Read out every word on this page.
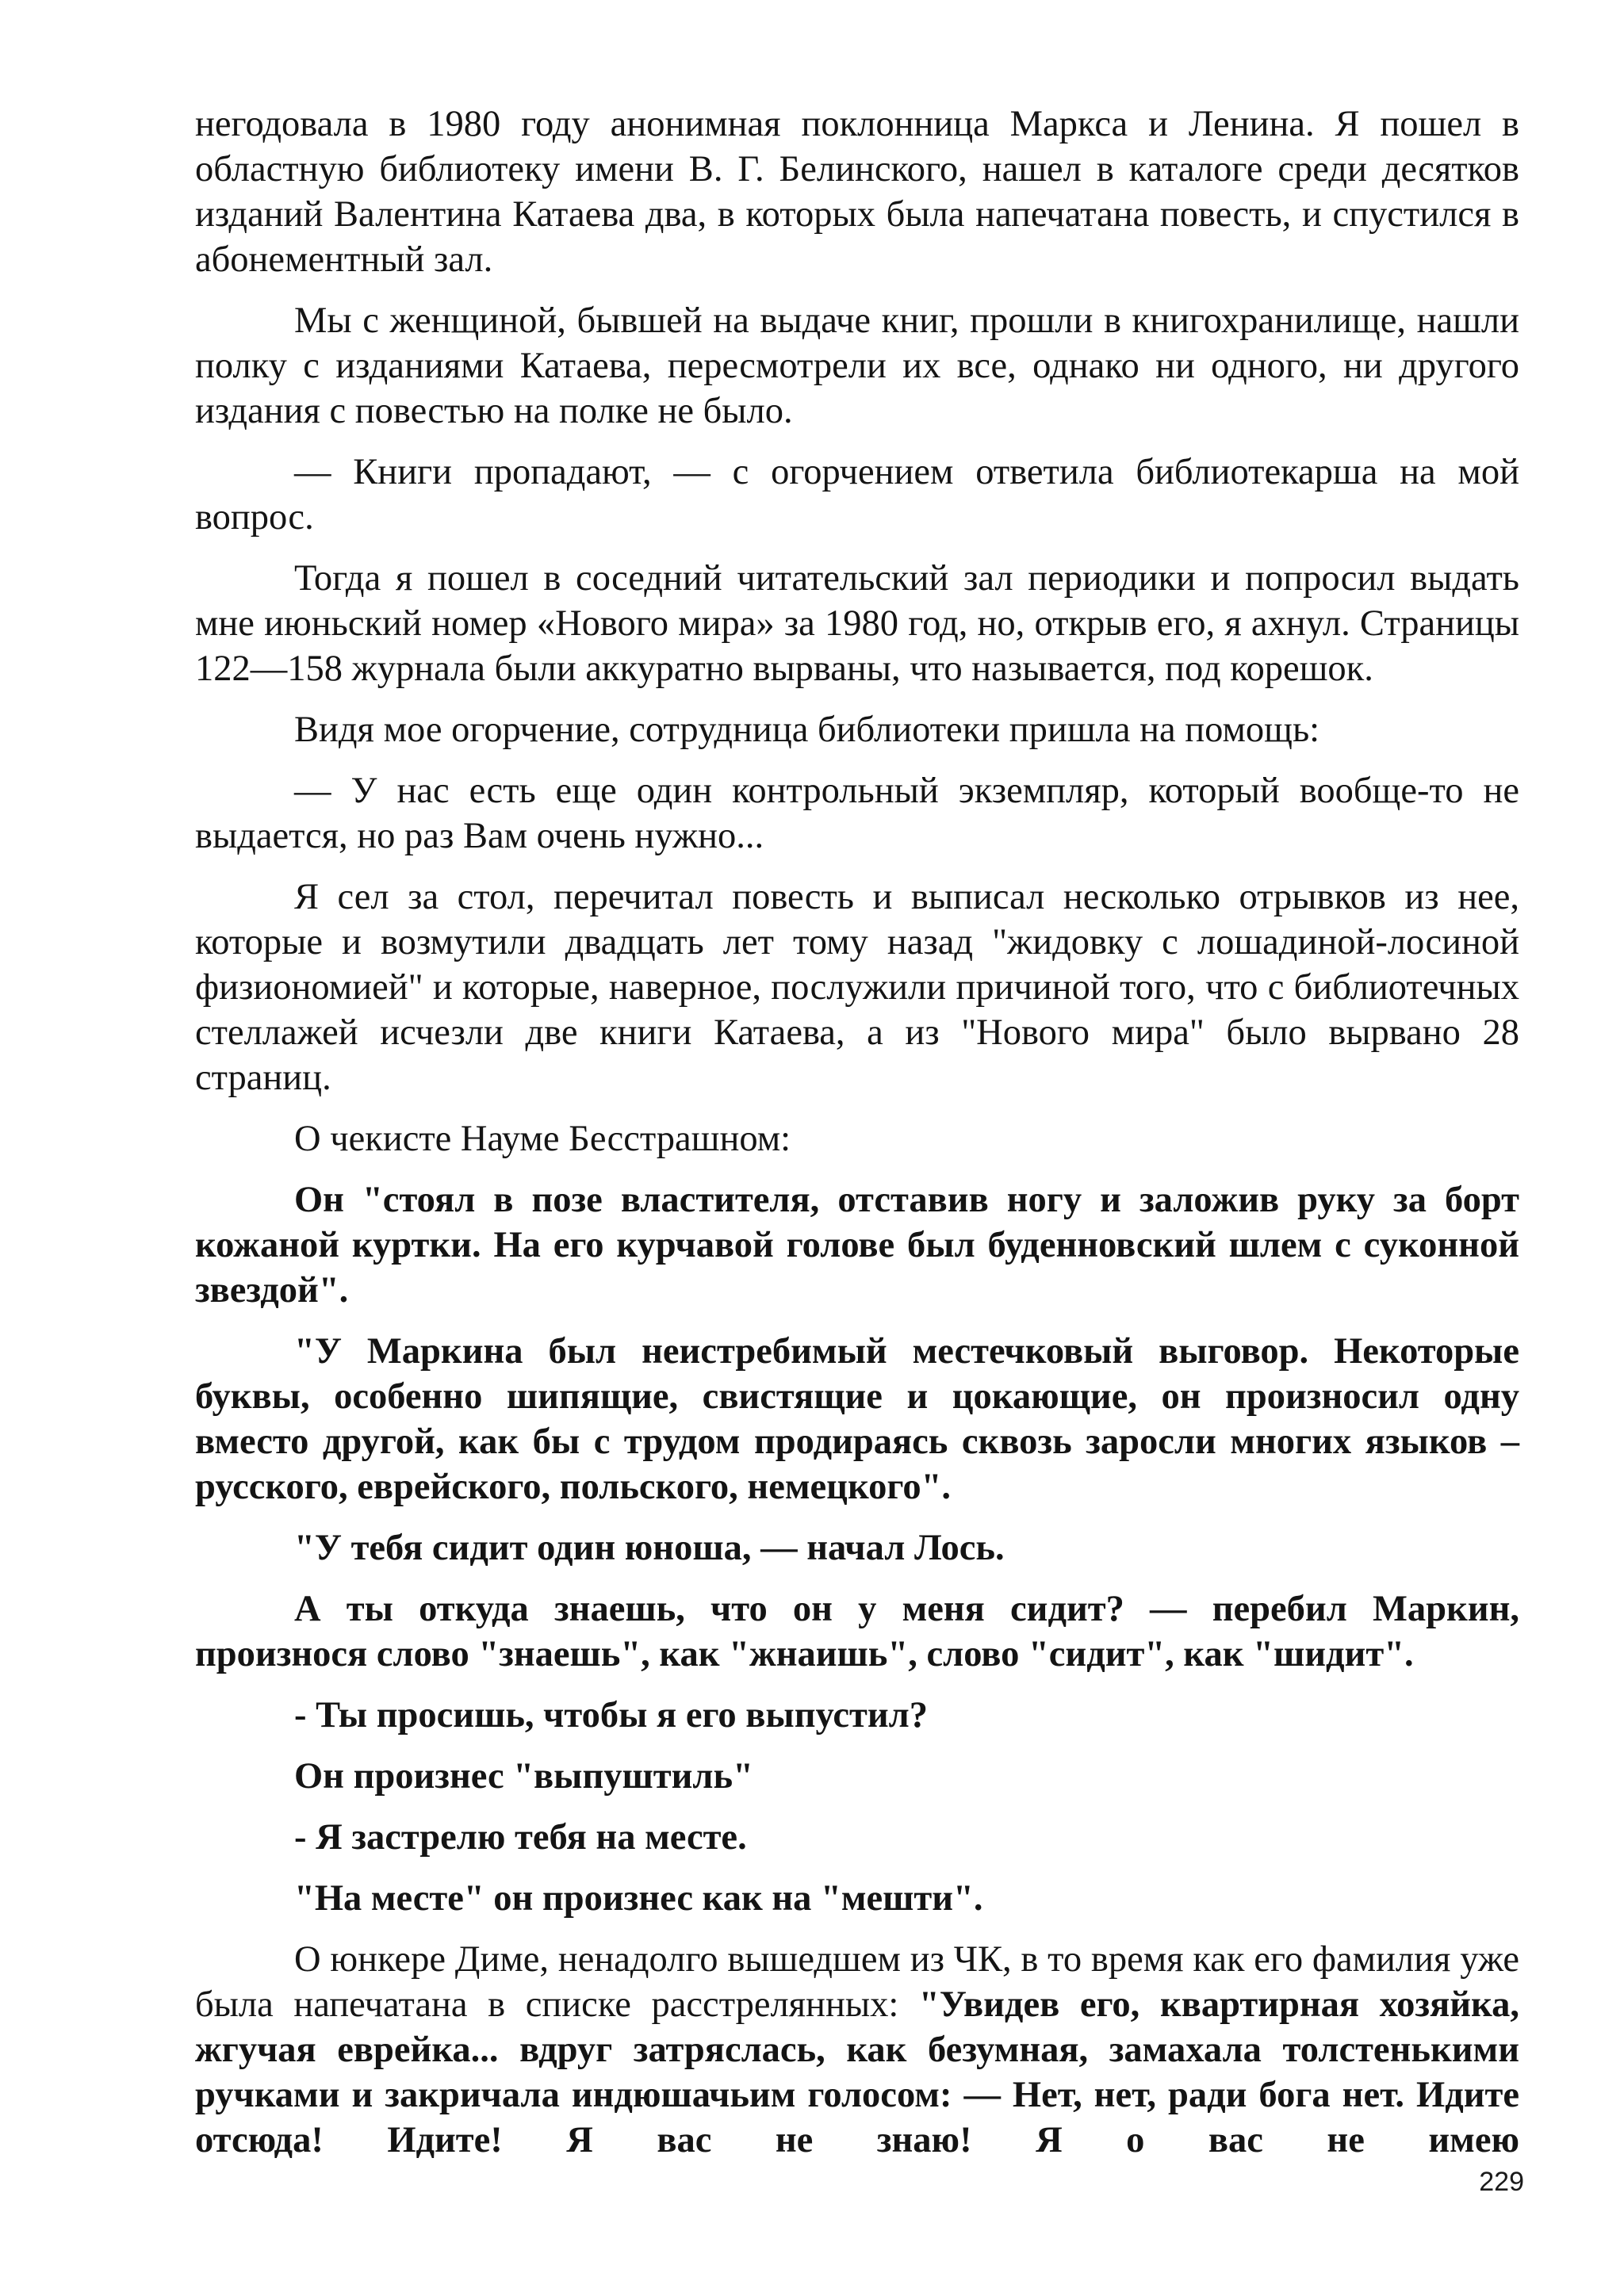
негодовала в 1980 году анонимная поклонница Маркса и Ленина. Я пошел в областную библиотеку имени В. Г. Белинского, нашел в каталоге среди десятков изданий Валентина Катаева два, в которых была напечатана повесть, и спустился в абонементный зал.

Мы с женщиной, бывшей на выдаче книг, прошли в книгохранилище, нашли полку с изданиями Катаева, пересмотрели их все, однако ни одного, ни другого издания с повестью на полке не было.

— Книги пропадают, — с огорчением ответила библиотекарша на мой вопрос.

Тогда я пошел в соседний читательский зал периодики и попросил выдать мне июньский номер «Нового мира» за 1980 год, но, открыв его, я ахнул. Страницы 122—158 журнала были аккуратно вырваны, что называется, под корешок.

Видя мое огорчение, сотрудница библиотеки пришла на помощь:

— У нас есть еще один контрольный экземпляр, который вообще-то не выдается, но раз Вам очень нужно...

Я сел за стол, перечитал повесть и выписал несколько отрывков из нее, которые и возмутили двадцать лет тому назад "жидовку с лошадиной-лосиной физиономией" и которые, наверное, послужили причиной того, что с библиотечных стеллажей исчезли две книги Катаева, а из "Нового мира" было вырвано 28 страниц.

О чекисте Науме Бесстрашном:

Он "стоял в позе властителя, отставив ногу и заложив руку за борт кожаной куртки. На его курчавой голове был буденновский шлем с суконной звездой".

"У Маркина был неистребимый местечковый выговор. Некоторые буквы, особенно шипящие, свистящие и цокающие, он произносил одну вместо другой, как бы с трудом продираясь сквозь заросли многих языков – русского, еврейского, польского, немецкого".

"У тебя сидит один юноша, — начал Лось.

А ты откуда знаешь, что он у меня сидит? — перебил Маркин, произнося слово "знаешь", как "жнаишь", слово "сидит", как "шидит".

- Ты просишь, чтобы я его выпустил?

Он произнес "выпуштиль"

- Я застрелю тебя на месте.

"На месте" он произнес как на "мешти".

О юнкере Диме, ненадолго вышедшем из ЧК, в то время как его фамилия уже была напечатана в списке расстрелянных: "Увидев его, квартирная хозяйка, жгучая еврейка... вдруг затряслась, как безумная, замахала толстенькими ручками и закричала индюшачьим голосом: — Нет, нет, ради бога нет. Идите отсюда! Идите! Я вас не знаю! Я о вас не имею

229
